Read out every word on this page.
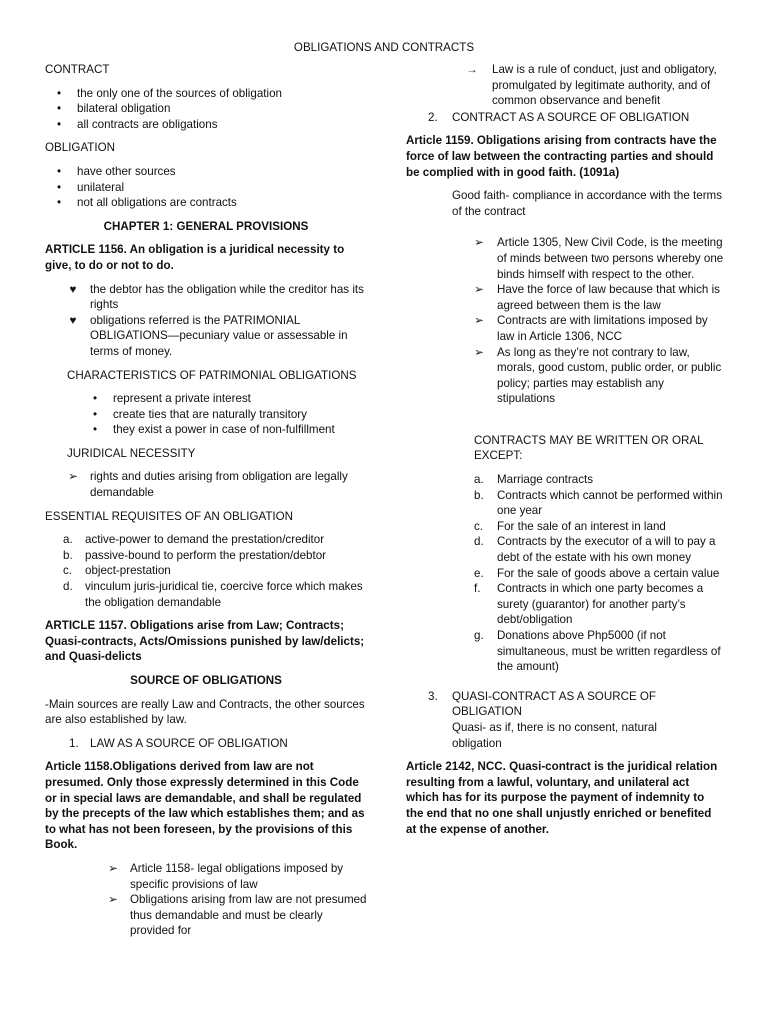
OBLIGATIONS AND CONTRACTS

CONTRACT

•	the only one of the sources of obligation
•	bilateral obligation
•	all contracts are obligations

OBLIGATION

•	have other sources
•	unilateral
•	not all obligations are contracts

CHAPTER 1: GENERAL PROVISIONS

ARTICLE 1156. An obligation is a juridical necessity to give, to do or not to do.

♥ the debtor has the obligation while the creditor has its rights
♥ obligations referred is the PATRIMONIAL OBLIGATIONS—pecuniary value or assessable in terms of money.

CHARACTERISTICS OF PATRIMONIAL OBLIGATIONS

•	represent a private interest
•	create ties that are naturally transitory
•	they exist a power in case of non-fulfillment

JURIDICAL NECESSITY

➢ rights and duties arising from obligation are legally demandable

ESSENTIAL REQUISITES OF AN OBLIGATION

a. active-power to demand the prestation/creditor
b. passive-bound to perform the prestation/debtor
c. object-prestation
d. vinculum juris-juridical tie, coercive force which makes the obligation demandable

ARTICLE 1157. Obligations arise from Law; Contracts; Quasi-contracts, Acts/Omissions punished by law/delicts; and Quasi-delicts

SOURCE OF OBLIGATIONS

-Main sources are really Law and Contracts, the other sources are also established by law.

1. LAW AS A SOURCE OF OBLIGATION

Article 1158.Obligations derived from law are not presumed. Only those expressly determined in this Code or in special laws are demandable, and shall be regulated by the precepts of the law which establishes them; and as to what has not been foreseen, by the provisions of this Book.

➢ Article 1158- legal obligations imposed by specific provisions of law
➢ Obligations arising from law are not presumed thus demandable and must be clearly provided for

→ Law is a rule of conduct, just and obligatory, promulgated by legitimate authority, and of common observance and benefit

2. CONTRACT AS A SOURCE OF OBLIGATION

Article 1159. Obligations arising from contracts have the force of law between the contracting parties and should be complied with in good faith. (1091a)

Good faith- compliance in accordance with the terms of the contract

➢ Article 1305, New Civil Code, is the meeting of minds between two persons whereby one binds himself with respect to the other.
➢ Have the force of law because that which is agreed between them is the law
➢ Contracts are with limitations imposed by law in Article 1306, NCC
➢ As long as they’re not contrary to law, morals, good custom, public order, or public policy; parties may establish any stipulations

CONTRACTS MAY BE WRITTEN OR ORAL EXCEPT:

a. Marriage contracts
b. Contracts which cannot be performed within one year
c. For the sale of an interest in land
d. Contracts by the executor of a will to pay a debt of the estate with his own money
e. For the sale of goods above a certain value
f. Contracts in which one party becomes a surety (guarantor) for another party’s debt/obligation
g. Donations above Php5000 (if not simultaneous, must be written regardless of the amount)

3. QUASI-CONTRACT AS A SOURCE OF OBLIGATION

Quasi- as if, there is no consent, natural obligation

Article 2142, NCC. Quasi-contract is the juridical relation resulting from a lawful, voluntary, and unilateral act which has for its purpose the payment of indemnity to the end that no one shall unjustly enriched or benefited at the expense of another.
